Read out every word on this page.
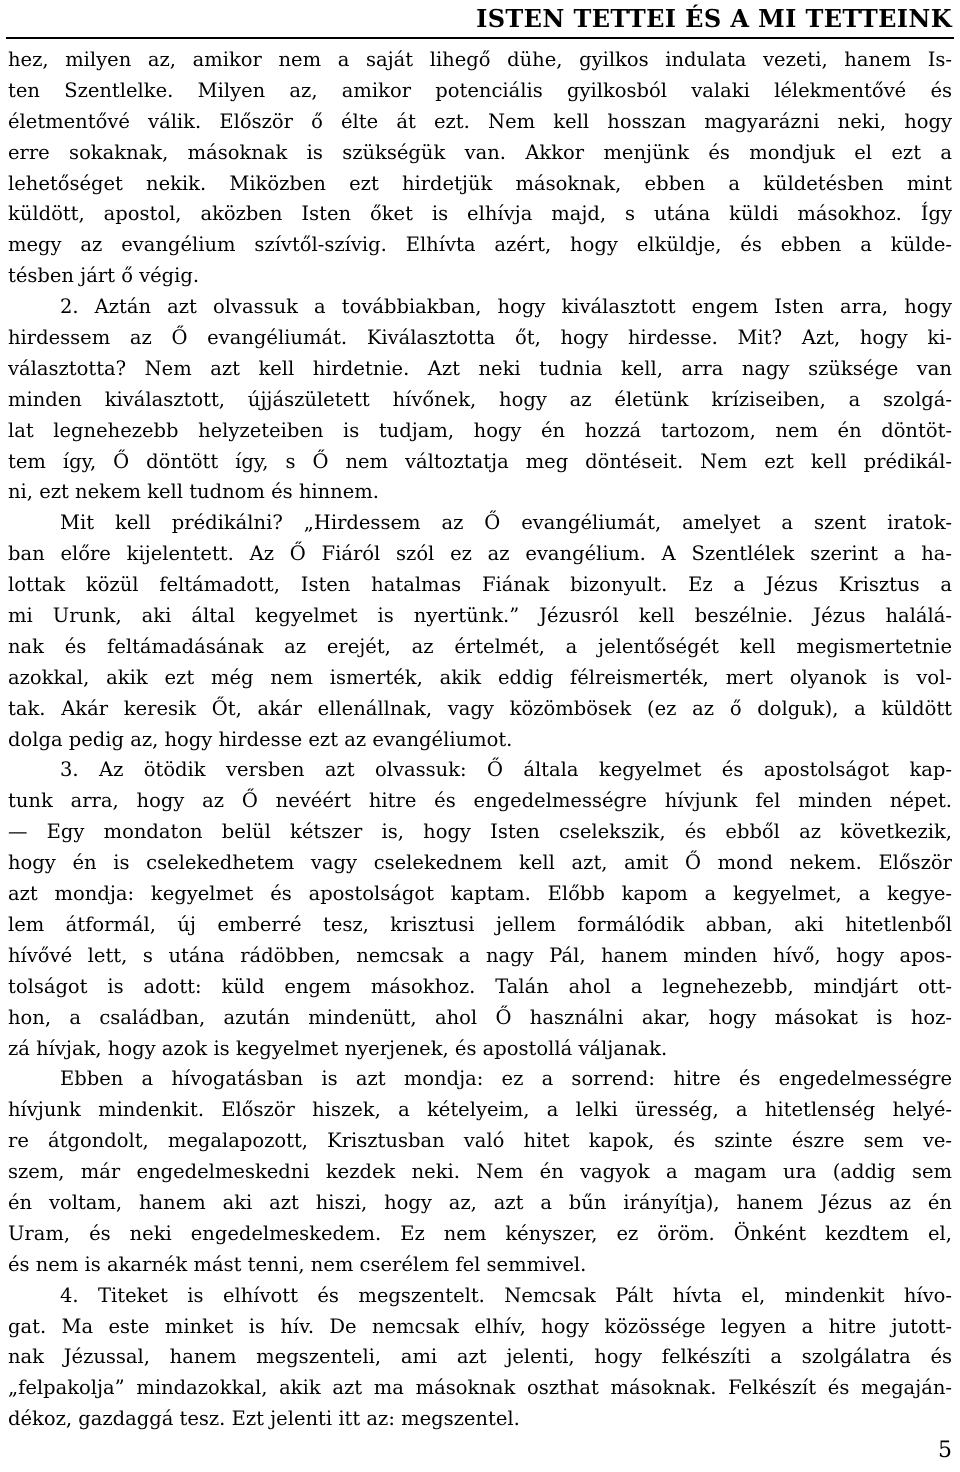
ISTEN TETTEI ÉS A MI TETTEINK
hez, milyen az, amikor nem a saját lihegő dühe, gyilkos indulata vezeti, hanem Is-
ten Szentlelke. Milyen az, amikor potenciális gyilkosból valaki lélekmentővé és
életmentővé válik. Először ő élte át ezt. Nem kell hosszan magyarázni neki, hogy
erre sokaknak, másoknak is szükségük van. Akkor menjünk és mondjuk el ezt a
lehetőséget nekik. Miközben ezt hirdetjük másoknak, ebben a küldetésben mint
küldött, apostol, aközben Isten őket is elhívja majd, s utána küldi másokhoz. Így
megy az evangélium szívtől-szívig. Elhívta azért, hogy elküldje, és ebben a külde-
tésben járt ő végig.
2. Aztán azt olvassuk a továbbiakban, hogy kiválasztott engem Isten arra, hogy
hirdessem az Ő evangéliumát. Kiválasztotta őt, hogy hirdesse. Mit? Azt, hogy ki-
választotta? Nem azt kell hirdetnie. Azt neki tudnia kell, arra nagy szüksége van
minden kiválasztott, újjászületett hívőnek, hogy az életünk kríziseiben, a szolgá-
lat legnehezebb helyzeteiben is tudjam, hogy én hozzá tartozom, nem én döntöt-
tem így, Ő döntött így, s Ő nem változtatja meg döntéseit. Nem ezt kell prédikál-
ni, ezt nekem kell tudnom és hinnem.
Mit kell prédikálni? „Hirdessem az Ő evangéliumát, amelyet a szent iratok-
ban előre kijelentett. Az Ő Fiáról szól ez az evangélium. A Szentlélek szerint a ha-
lottak közül feltámadott, Isten hatalmas Fiának bizonyult. Ez a Jézus Krisztus a
mi Urunk, aki által kegyelmet is nyertünk.” Jézusról kell beszélnie. Jézus halálá-
nak és feltámadásának az erejét, az értelmét, a jelentőségét kell megismertetnie
azokkal, akik ezt még nem ismerték, akik eddig félreismerték, mert olyanok is vol-
tak. Akár keresik Őt, akár ellenállnak, vagy közömbösek (ez az ő dolguk), a küldött
dolga pedig az, hogy hirdesse ezt az evangéliumot.
3. Az ötödik versben azt olvassuk: Ő általa kegyelmet és apostolságot kap-
tunk arra, hogy az Ő nevéért hitre és engedelmességre hívjunk fel minden népet.
— Egy mondaton belül kétszer is, hogy Isten cselekszik, és ebből az következik,
hogy én is cselekedhetem vagy cselekednem kell azt, amit Ő mond nekem. Először
azt mondja: kegyelmet és apostolságot kaptam. Előbb kapom a kegyelmet, a kegye-
lem átformál, új emberré tesz, krisztusi jellem formálódik abban, aki hitetlenből
hívővé lett, s utána rádöbben, nemcsak a nagy Pál, hanem minden hívő, hogy apos-
tolságot is adott: küld engem másokhoz. Talán ahol a legnehezebb, mindjárt ott-
hon, a családban, azután mindenütt, ahol Ő használni akar, hogy másokat is hoz-
zá hívjak, hogy azok is kegyelmet nyerjenek, és apostollá váljanak.
Ebben a hívogatásban is azt mondja: ez a sorrend: hitre és engedelmességre
hívjunk mindenkit. Először hiszek, a kételyeim, a lelki üresség, a hitetlenség helyé-
re átgondolt, megalapozott, Krisztusban való hitet kapok, és szinte észre sem ve-
szem, már engedelmeskedni kezdek neki. Nem én vagyok a magam ura (addig sem
én voltam, hanem aki azt hiszi, hogy az, azt a bűn irányítja), hanem Jézus az én
Uram, és neki engedelmeskedem. Ez nem kényszer, ez öröm. Önként kezdtem el,
és nem is akarnék mást tenni, nem cserélem fel semmivel.
4. Titeket is elhívott és megszentelt. Nemcsak Pált hívta el, mindenkit hívo-
gat. Ma este minket is hív. De nemcsak elhív, hogy közössége legyen a hitre jutott-
nak Jézussal, hanem megszenteli, ami azt jelenti, hogy felkészíti a szolgálatra és
„felpakolja” mindazokkal, akik azt ma másoknak oszthat másoknak. Felkészít és megaján-
dékoz, gazdaggá tesz. Ezt jelenti itt az: megszentel.
5
